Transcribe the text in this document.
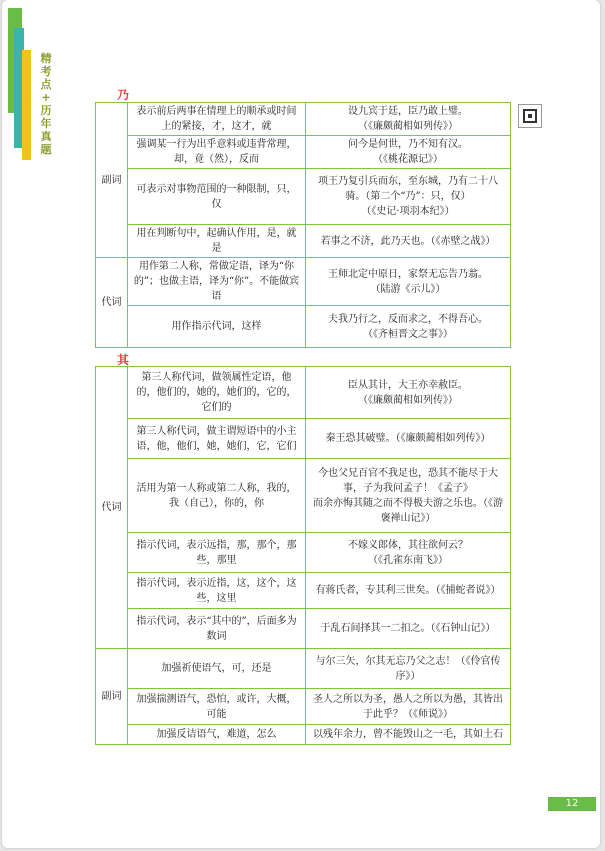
精
考
点
+
历
年
真
题
乃
副词	表示前后两事在情理上的顺承或时间上的紧接，才，这才，就	设九宾于廷，臣乃敢上璧。
（《廉颇蔺相如列传》）
	强调某一行为出乎意料或违背常理，却，竟（然），反而	问今是何世，乃不知有汉。
（《桃花源记》）
	可表示对事物范围的一种限制，只，仅	项王乃复引兵而东，至东城，乃有二十八骑。（第二个“乃”：只，仅）
（《史记·项羽本纪》）
	用在判断句中，起确认作用，是，就是	若事之不济，此乃天也。（《赤壁之战》）
代词	用作第二人称，常做定语，译为“你的”；也做主语，译为“你”。不能做宾语	王师北定中原日，家祭无忘告乃翁。
（陆游《示儿》）
	用作指示代词，这样	夫我乃行之，反而求之，不得吾心。
（《齐桓晋文之事》）
其
代词	第三人称代词，做领属性定语，他的，他们的，她的，她们的，它的，它们的	臣从其计，大王亦幸赦臣。
（《廉颇蔺相如列传》）
	第三人称代词，做主谓短语中的小主语，他，他们，她，她们，它，它们	秦王恐其破璧。（《廉颇蔺相如列传》）
	活用为第一人称或第二人称，我的，我（自己），你的，你	今也父兄百官不我足也，恐其不能尽于大事，子为我问孟子！《孟子》
而余亦悔其随之而不得极夫游之乐也。（《游褒禅山记》）
	指示代词，表示远指，那，那个，那些，那里	不嫁义郎体，其往欲何云？
（《孔雀东南飞》）
	指示代词，表示近指，这，这个，这些，这里	有蒋氏者，专其利三世矣。（《捕蛇者说》）
	指示代词，表示“其中的”，后面多为数词	于乱石间择其一二扣之。（《石钟山记》）
副词	加强祈使语气，可，还是	与尔三矢，尔其无忘乃父之志！（《伶官传序》）
	加强揣测语气，恐怕，或许，大概，可能	圣人之所以为圣，愚人之所以为愚，其皆出于此乎？（《师说》）
	加强反诘语气，难道，怎么	以残年余力，曾不能毁山之一毛，其如土石
12
